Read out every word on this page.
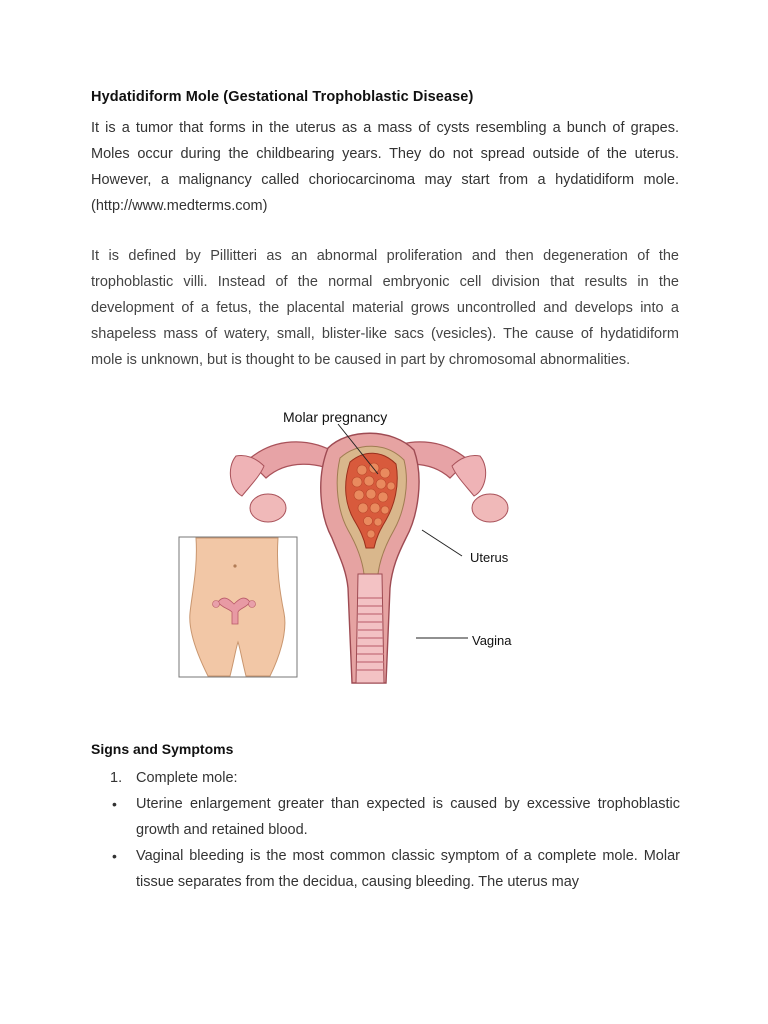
Hydatidiform Mole (Gestational Trophoblastic Disease)
It is a tumor that forms in the uterus as a mass of cysts resembling a bunch of grapes. Moles occur during the childbearing years. They do not spread outside of the uterus. However, a malignancy called choriocarcinoma may start from a hydatidiform mole. (http://www.medterms.com)
It is defined by Pillitteri as an abnormal proliferation and then degeneration of the trophoblastic villi. Instead of the normal embryonic cell division that results in the development of a fetus, the placental material grows uncontrolled and develops into a shapeless mass of watery, small, blister-like sacs (vesicles). The cause of hydatidiform mole is unknown, but is thought to be caused in part by chromosomal abnormalities.
Molar pregnancy
Uterus
Vagina
Signs and Symptoms
1. Complete mole:
• Uterine enlargement greater than expected is caused by excessive trophoblastic growth and retained blood.
• Vaginal bleeding is the most common classic symptom of a complete mole. Molar tissue separates from the decidua, causing bleeding. The uterus may
